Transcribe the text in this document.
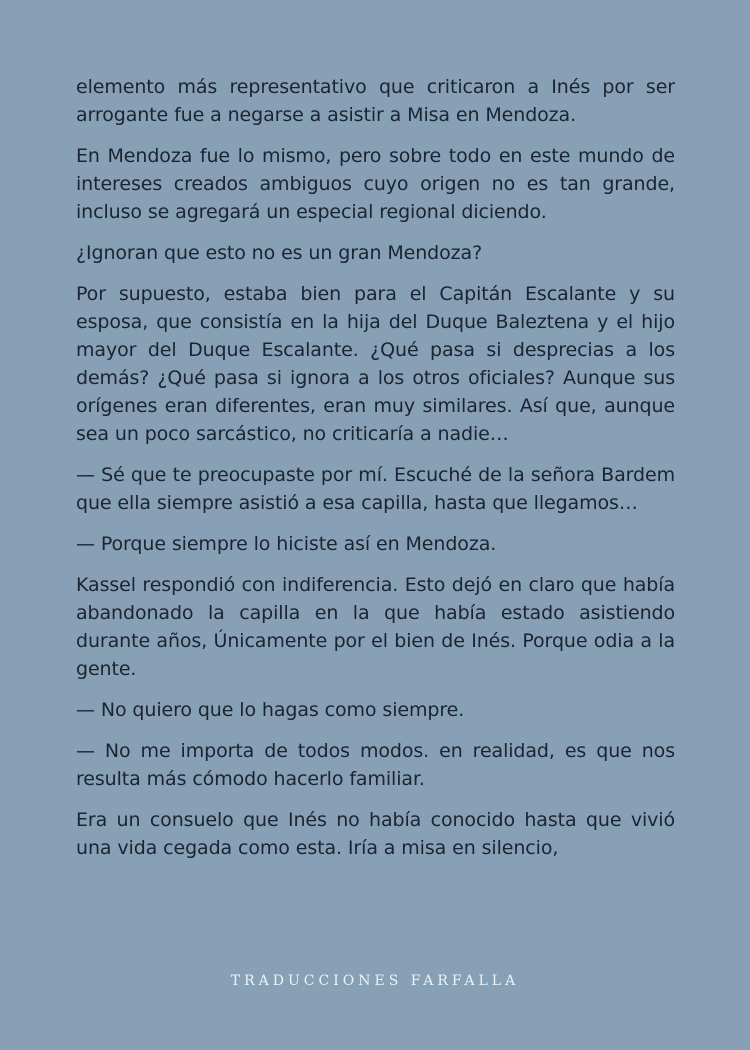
elemento más representativo que criticaron a Inés por ser arrogante fue a negarse a asistir a Misa en Mendoza.

En Mendoza fue lo mismo, pero sobre todo en este mundo de intereses creados ambiguos cuyo origen no es tan grande, incluso se agregará un especial regional diciendo.

¿Ignoran que esto no es un gran Mendoza?

Por supuesto, estaba bien para el Capitán Escalante y su esposa, que consistía en la hija del Duque Baleztena y el hijo mayor del Duque Escalante. ¿Qué pasa si desprecias a los demás? ¿Qué pasa si ignora a los otros oficiales? Aunque sus orígenes eran diferentes, eran muy similares. Así que, aunque sea un poco sarcástico, no criticaría a nadie…

— Sé que te preocupaste por mí. Escuché de la señora Bardem que ella siempre asistió a esa capilla, hasta que llegamos…

— Porque siempre lo hiciste así en Mendoza.

Kassel respondió con indiferencia. Esto dejó en claro que había abandonado la capilla en la que había estado asistiendo durante años, Únicamente por el bien de Inés. Porque odia a la gente.

— No quiero que lo hagas como siempre.

— No me importa de todos modos. en realidad, es que nos resulta más cómodo hacerlo familiar.

Era un consuelo que Inés no había conocido hasta que vivió una vida cegada como esta. Iría a misa en silencio,

TRADUCCIONES FARFALLA
